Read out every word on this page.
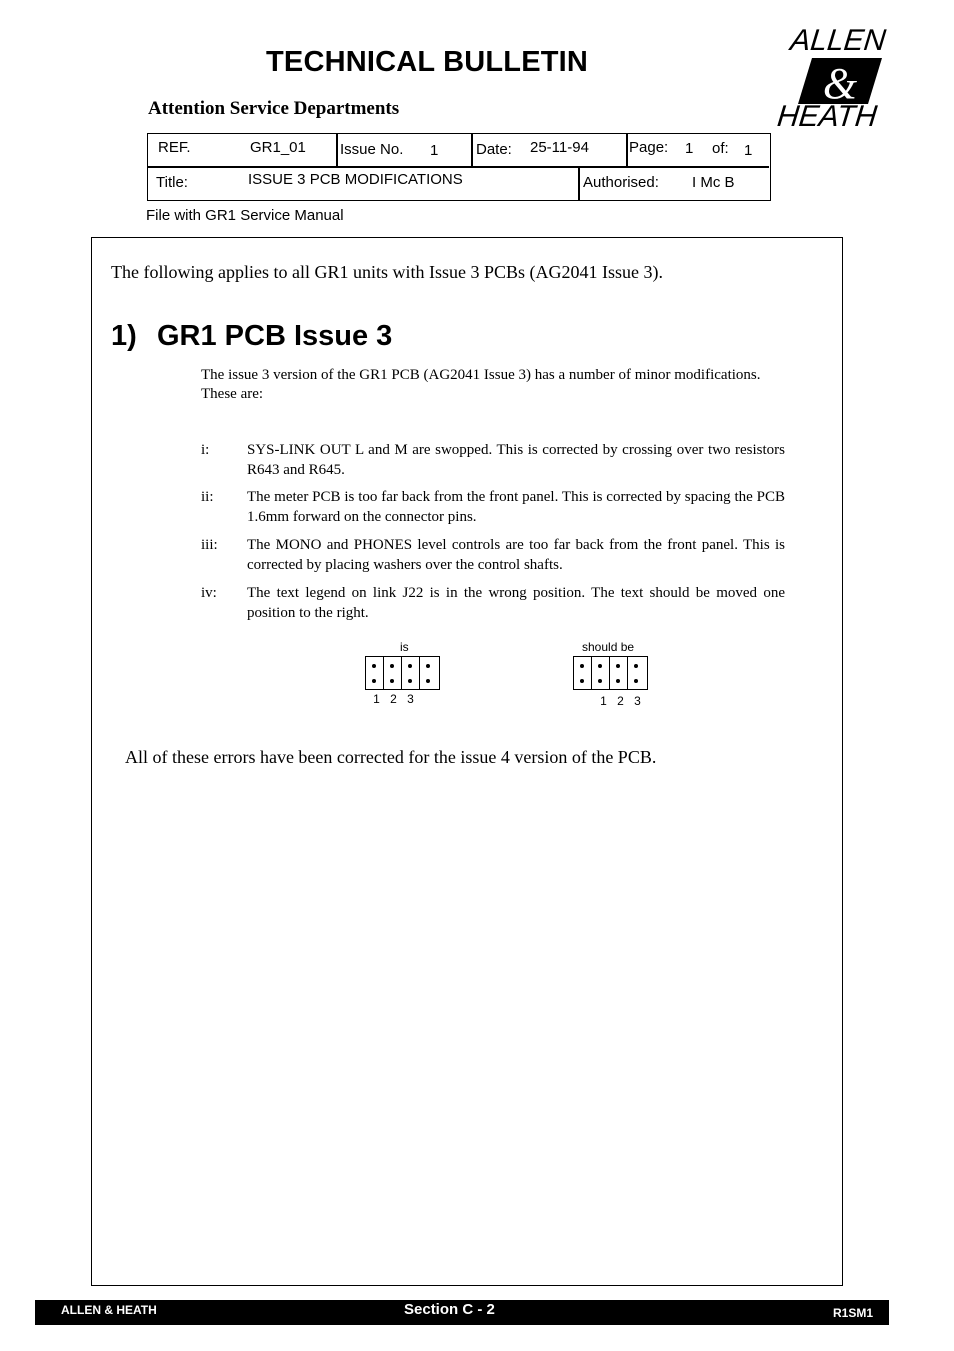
TECHNICAL BULLETIN
Attention Service Departments
ALLEN
&
HEATH
REF.	GR1_01 Issue No. 1	Date: 25-11-94	Page: 1 of: 1
Title:	ISSUE 3 PCB MODIFICATIONS	Authorised: I Mc B
File with GR1 Service Manual
The following applies to all GR1 units with Issue 3 PCBs (AG2041 Issue 3).
1) GR1 PCB Issue 3
The issue 3 version of the GR1 PCB (AG2041 Issue 3) has a number of minor modifications. These are:
i:	SYS-LINK OUT L and M are swopped. This is corrected by crossing over two resistors R643 and R645.
ii: The meter PCB is too far back from the front panel. This is corrected by spacing the PCB 1.6mm forward on the connector pins.
iii: The MONO and PHONES level controls are too far back from the front panel. This is corrected by placing washers over the control shafts.
iv: The text legend on link J22 is in the wrong position. The text should be moved one position to the right.
is
1 2 3
should be
1 2 3
All of these errors have been corrected for the issue 4 version of the PCB.
ALLEN & HEATH	Section C - 2	R1SM1
